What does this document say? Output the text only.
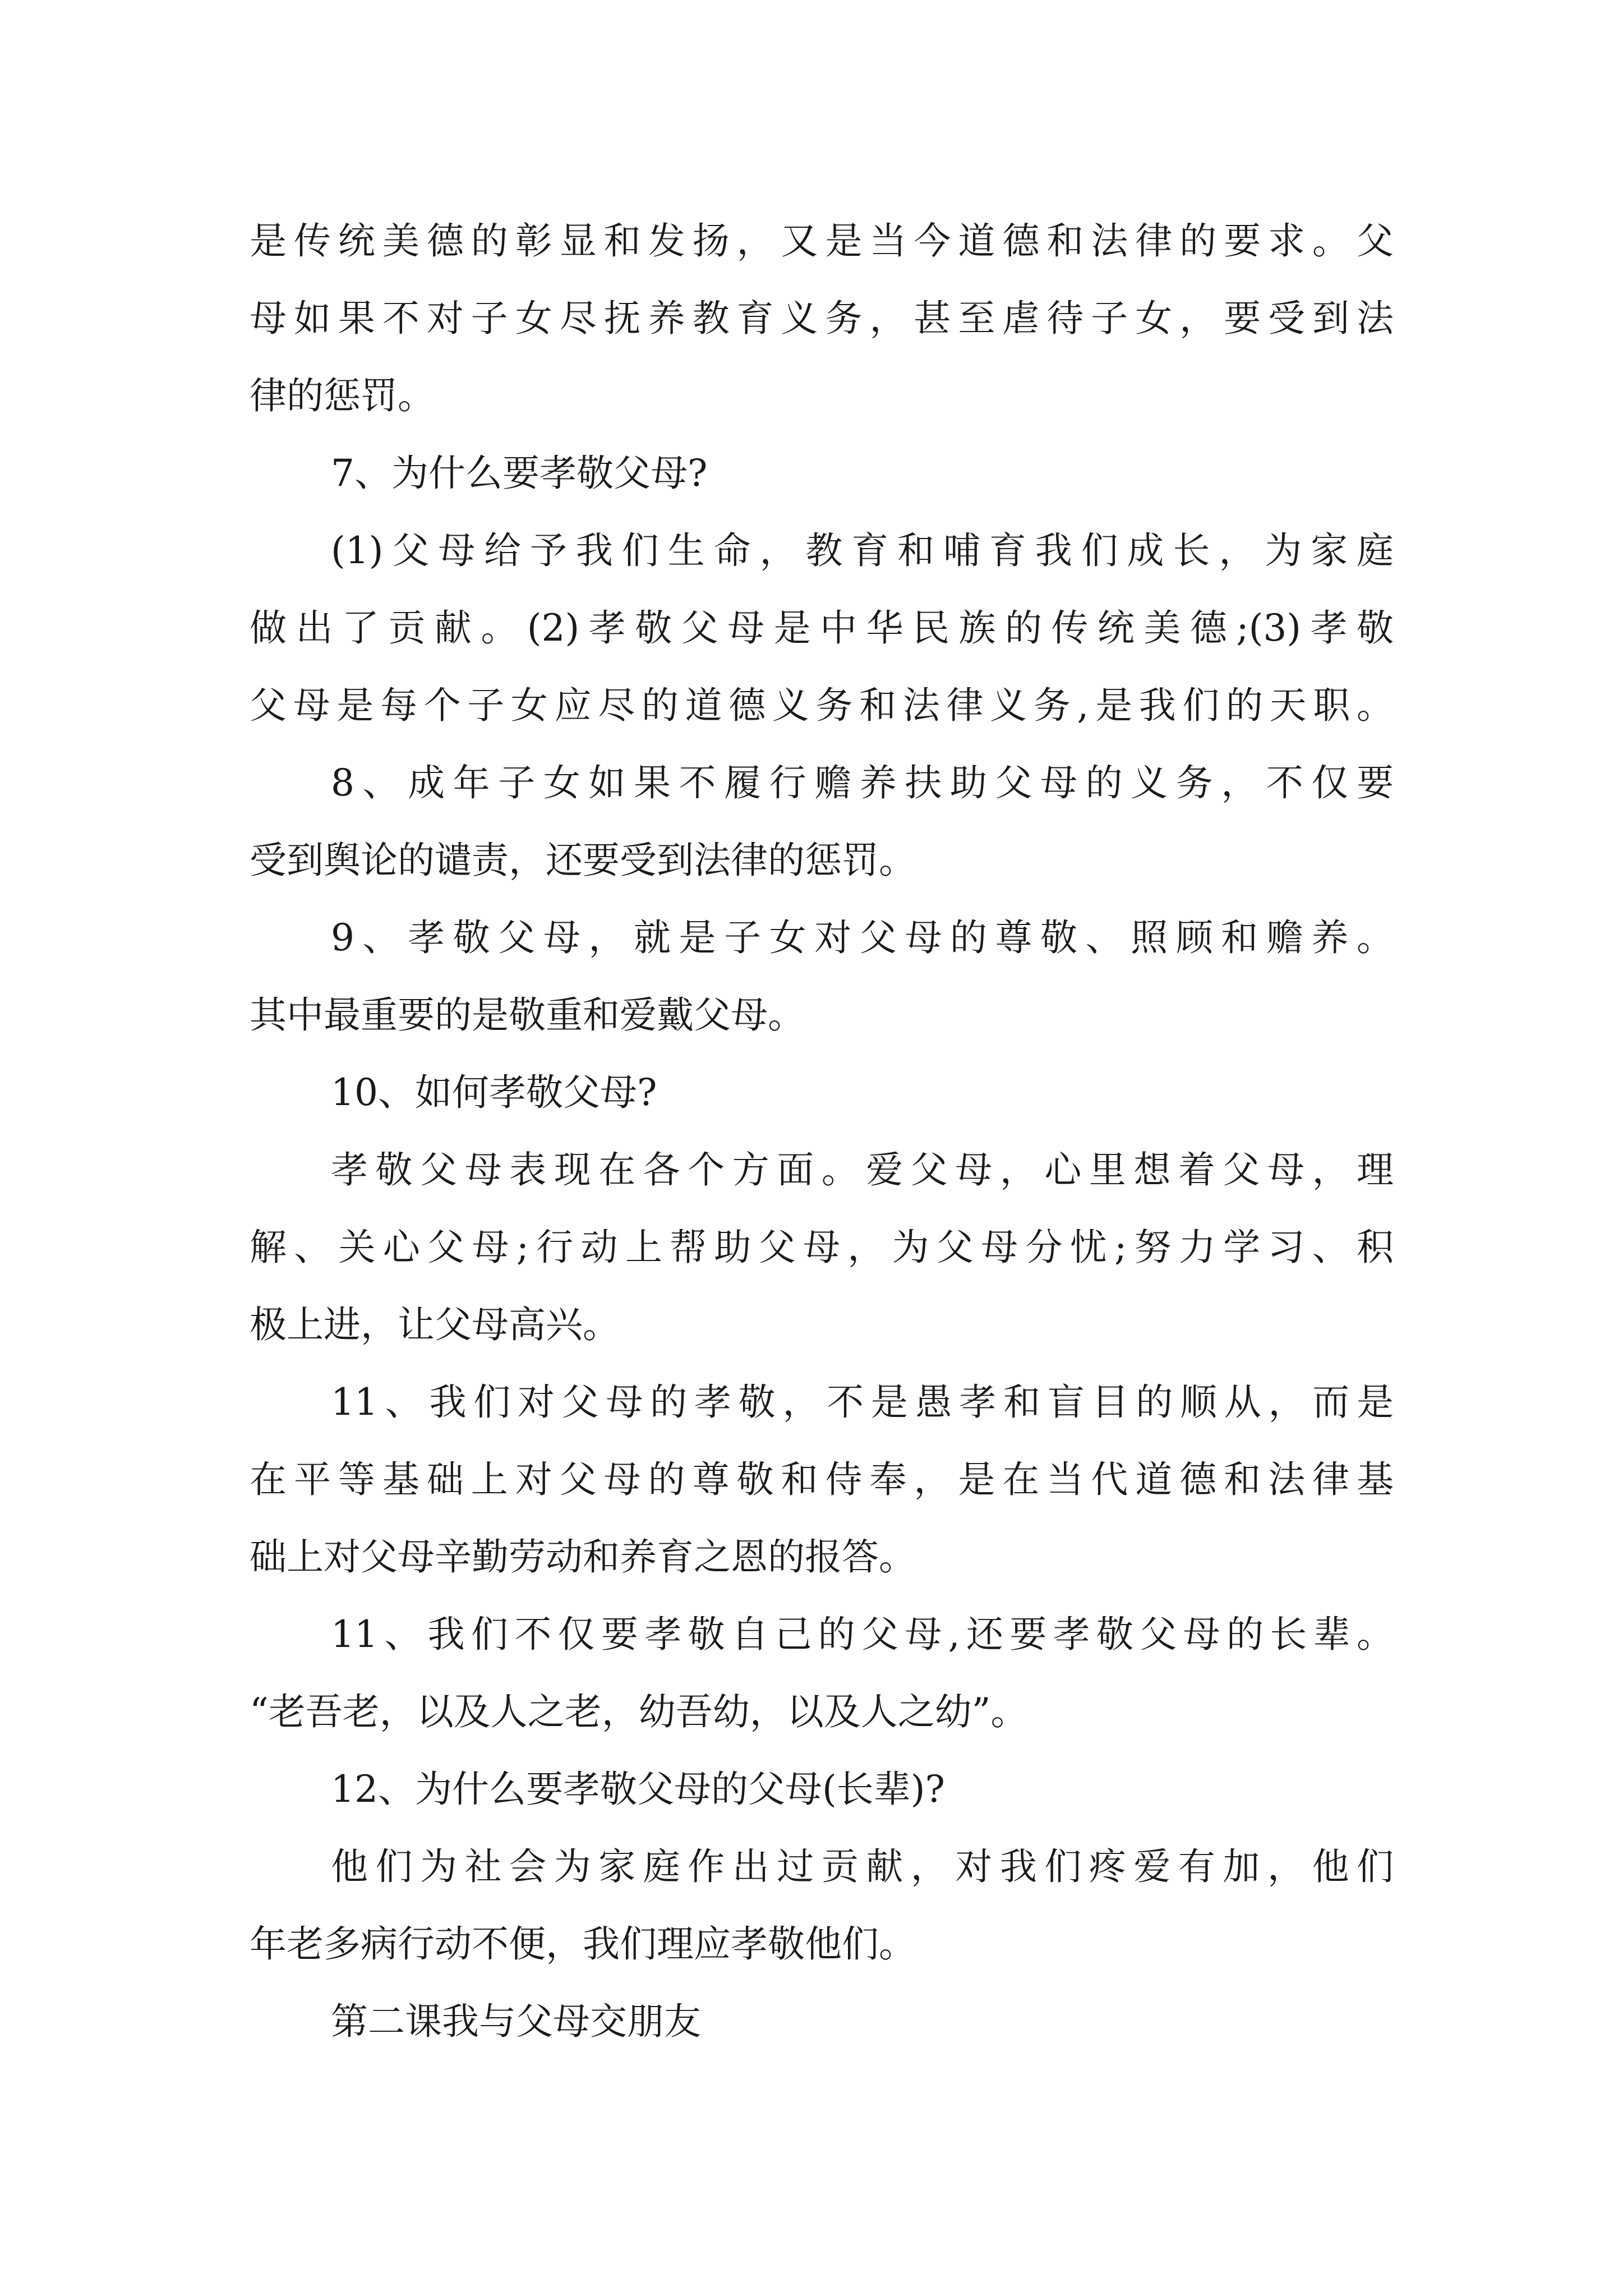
是传统美德的彰显和发扬，又是当今道德和法律的要求。父
母如果不对子女尽抚养教育义务，甚至虐待子女，要受到法
律的惩罚。
7、为什么要孝敬父母?
(1)父母给予我们生命，教育和哺育我们成长，为家庭
做出了贡献。(2)孝敬父母是中华民族的传统美德;(3)孝敬
父母是每个子女应尽的道德义务和法律义务,是我们的天职。
8、成年子女如果不履行赡养扶助父母的义务，不仅要
受到舆论的谴责，还要受到法律的惩罚。
9、孝敬父母，就是子女对父母的尊敬、照顾和赡养。
其中最重要的是敬重和爱戴父母。
10、如何孝敬父母?
孝敬父母表现在各个方面。爱父母，心里想着父母，理
解、关心父母;行动上帮助父母，为父母分忧;努力学习、积
极上进，让父母高兴。
11、我们对父母的孝敬，不是愚孝和盲目的顺从，而是
在平等基础上对父母的尊敬和侍奉，是在当代道德和法律基
础上对父母辛勤劳动和养育之恩的报答。
11、我们不仅要孝敬自己的父母,还要孝敬父母的长辈。
“老吾老，以及人之老，幼吾幼，以及人之幼”。
12、为什么要孝敬父母的父母(长辈)?
他们为社会为家庭作出过贡献，对我们疼爱有加，他们
年老多病行动不便，我们理应孝敬他们。
第二课我与父母交朋友
